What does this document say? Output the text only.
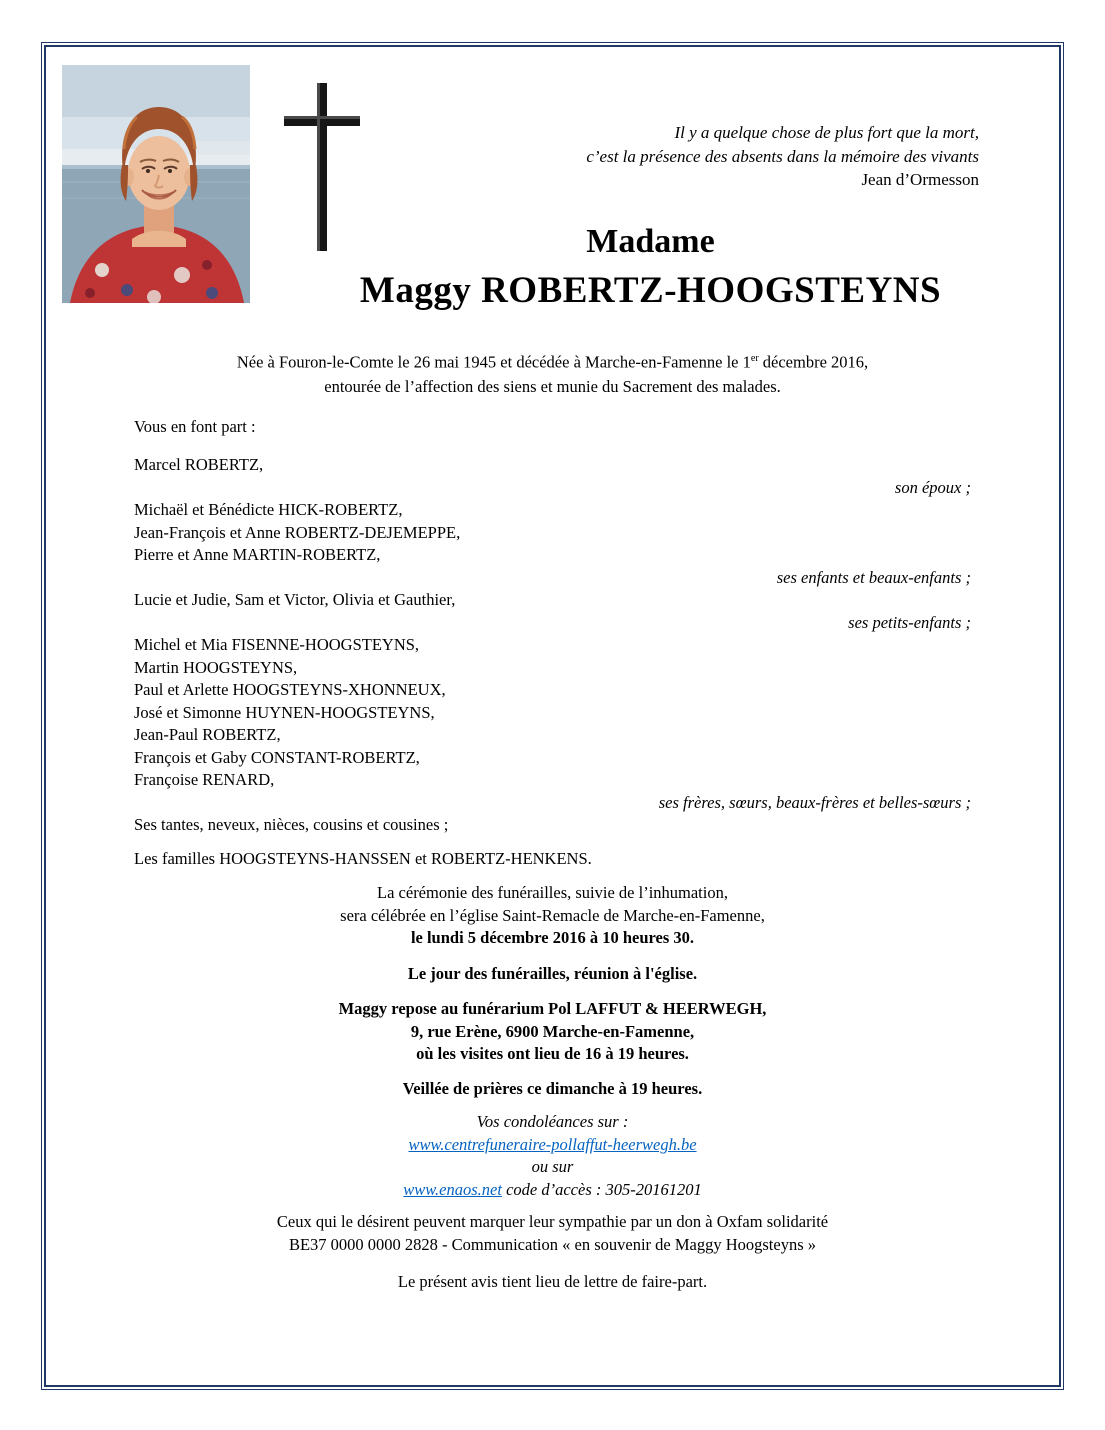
Il y a quelque chose de plus fort que la mort,
c’est la présence des absents dans la mémoire des vivants
Jean d’Ormesson
Madame
Maggy ROBERTZ-HOOGSTEYNS
Née à Fouron-le-Comte le 26 mai 1945 et décédée à Marche-en-Famenne le 1er décembre 2016,
entourée de l’affection des siens et munie du Sacrement des malades.
Vous en font part :
Marcel ROBERTZ,
son époux ;
Michaël et Bénédicte HICK-ROBERTZ,
Jean-François et Anne ROBERTZ-DEJEMEPPE,
Pierre et Anne MARTIN-ROBERTZ,
ses enfants et beaux-enfants ;
Lucie et Judie, Sam et Victor, Olivia et Gauthier,
ses petits-enfants ;
Michel et Mia FISENNE-HOOGSTEYNS,
Martin HOOGSTEYNS,
Paul et Arlette HOOGSTEYNS-XHONNEUX,
José et Simonne HUYNEN-HOOGSTEYNS,
Jean-Paul ROBERTZ,
François et Gaby CONSTANT-ROBERTZ,
Françoise RENARD,
ses frères, sœurs, beaux-frères et belles-sœurs ;
Ses tantes, neveux, nièces, cousins et cousines ;
Les familles HOOGSTEYNS-HANSSEN et ROBERTZ-HENKENS.
La cérémonie des funérailles, suivie de l’inhumation,
sera célébrée en l’église Saint-Remacle de Marche-en-Famenne,
le lundi 5 décembre 2016 à 10 heures 30.
Le jour des funérailles, réunion à l'église.
Maggy repose au funérarium Pol LAFFUT & HEERWEGH,
9, rue Erène, 6900 Marche-en-Famenne,
où les visites ont lieu de 16 à 19 heures.
Veillée de prières ce dimanche à 19 heures.
Vos condoléances sur :
www.centrefuneraire-pollaffut-heerwegh.be
ou sur
www.enaos.net code d’accès : 305-20161201
Ceux qui le désirent peuvent marquer leur sympathie par un don à Oxfam solidarité
BE37 0000 0000 2828 - Communication « en souvenir de Maggy Hoogsteyns »
Le présent avis tient lieu de lettre de faire-part.
